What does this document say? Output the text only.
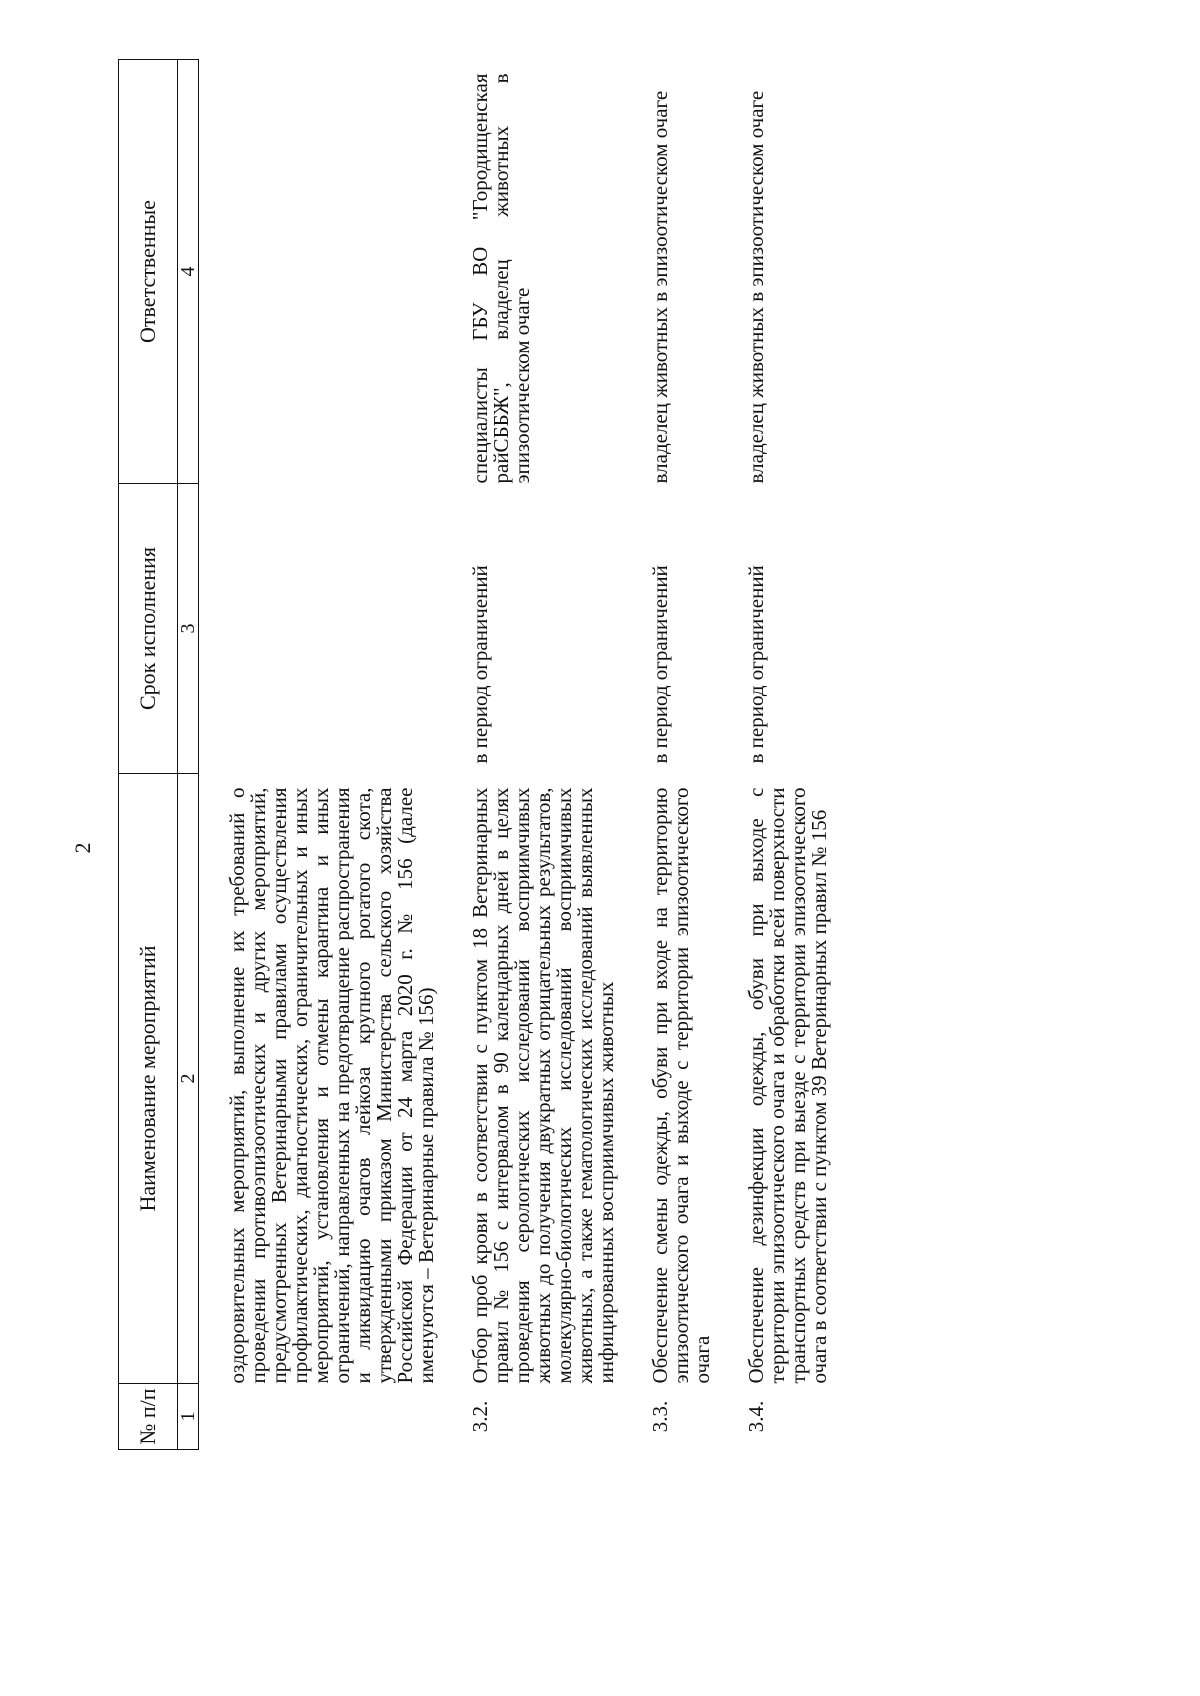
2
№ п/п	Наименование мероприятий	Срок исполнения	Ответственные
1	2	3	4
	оздоровительных мероприятий, выполнение их требований о проведении противоэпизоотических и других мероприятий, предусмотренных Ветеринарными правилами осуществления профилактических, диагностических, ограничительных и иных мероприятий, установления и отмены карантина и иных ограничений, направленных на предотвращение распространения и ликвидацию очагов лейкоза крупного рогатого скота, утвержденными приказом Министерства сельского хозяйства Российской Федерации от 24 марта 2020 г. № 156 (далее именуются – Ветеринарные правила № 156)		
3.2.	Отбор проб крови в соответствии с пунктом 18 Ветеринарных правил № 156 с интервалом в 90 календарных дней в целях проведения серологических исследований восприимчивых животных до получения двукратных отрицательных результатов, молекулярно-биологических исследований восприимчивых животных, а также гематологических исследований выявленных инфицированных восприимчивых животных	в период ограничений	специалисты ГБУ ВО "Городищенская райСББЖ", владелец животных в эпизоотическом очаге
3.3.	Обеспечение смены одежды, обуви при входе на территорию эпизоотического очага и выходе с территории эпизоотического очага	в период ограничений	владелец животных в эпизоотическом очаге
3.4.	Обеспечение дезинфекции одежды, обуви при выходе с территории эпизоотического очага и обработки всей поверхности транспортных средств при выезде с территории эпизоотического очага в соответствии с пунктом 39 Ветеринарных правил № 156	в период ограничений	владелец животных в эпизоотическом очаге
